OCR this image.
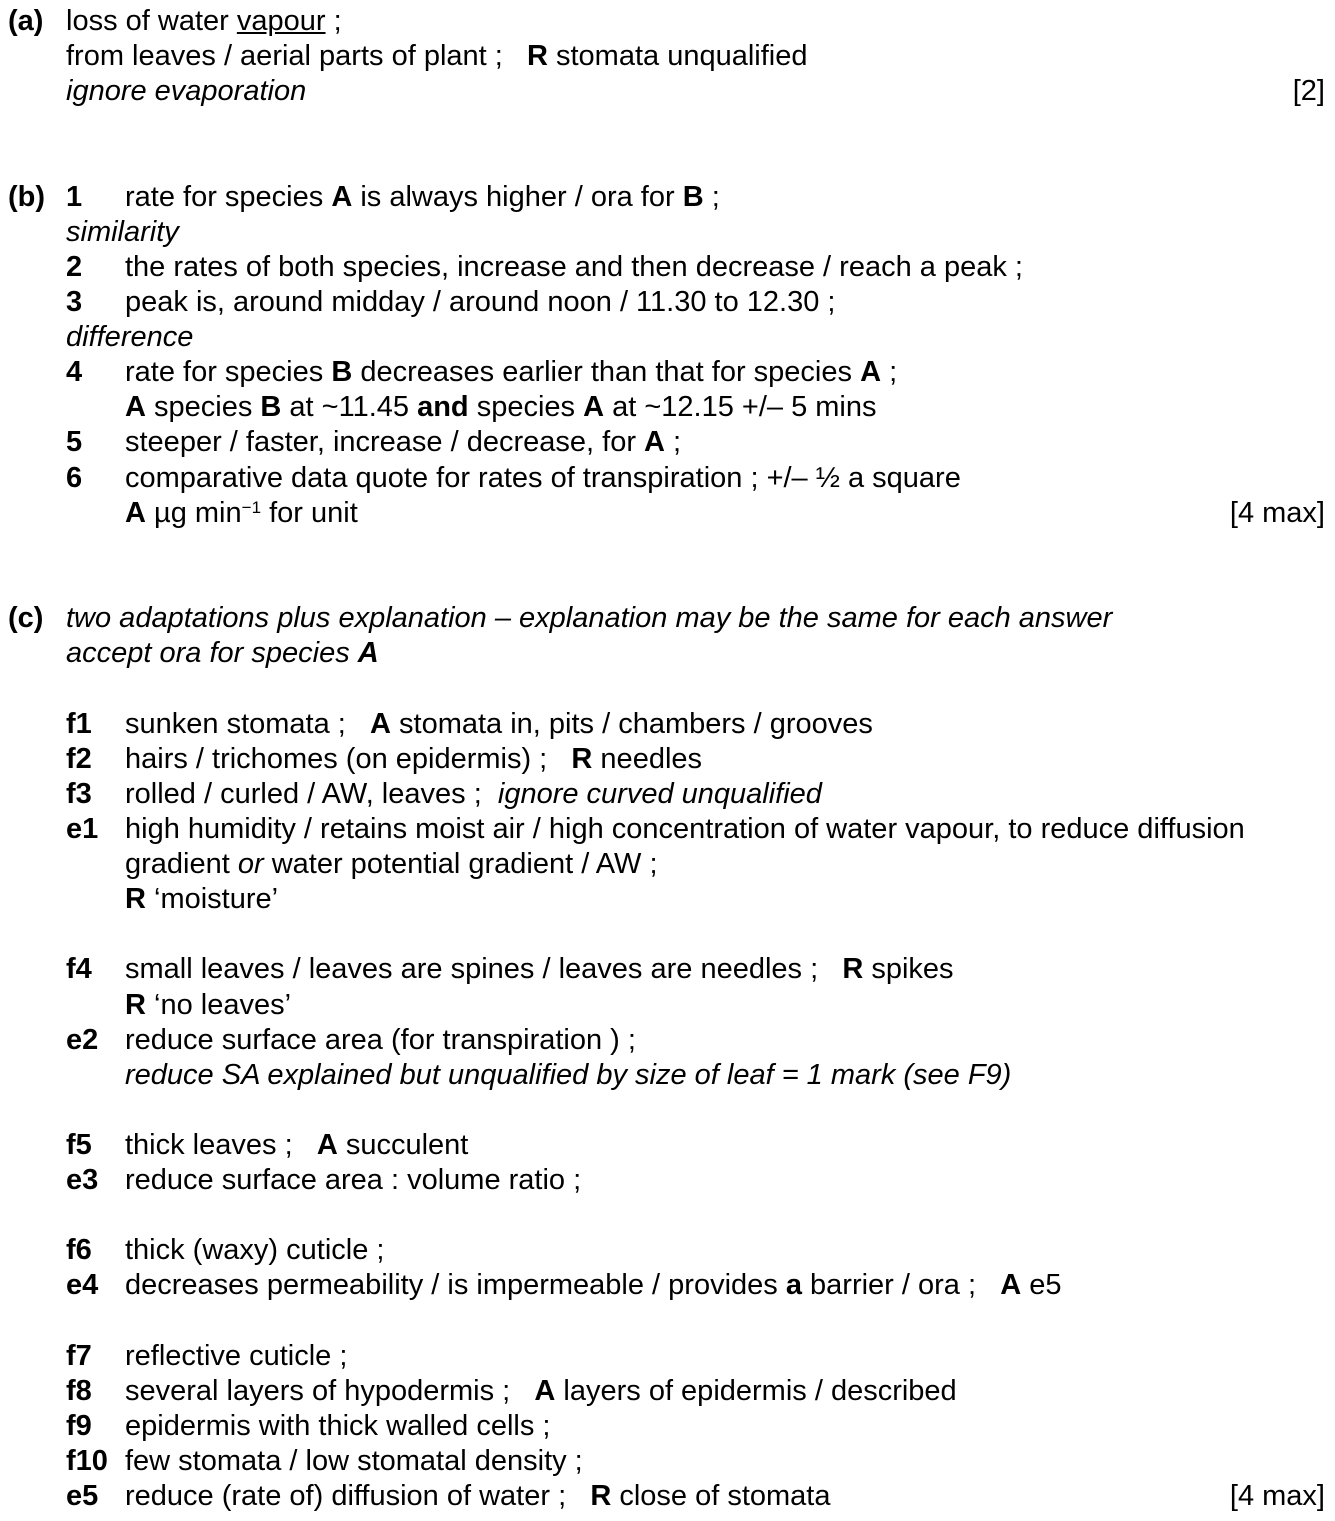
(a) loss of water vapour ;
from leaves / aerial parts of plant ;   R stomata unqualified
ignore evaporation	[2]
(b) 1 rate for species A is always higher / ora for B ;
similarity
2 the rates of both species, increase and then decrease / reach a peak ;
3 peak is, around midday / around noon / 11.30 to 12.30 ;
difference
4 rate for species B decreases earlier than that for species A ;
A species B at ~11.45 and species A at ~12.15 +/– 5 mins
5 steeper / faster, increase / decrease, for A ;
6 comparative data quote for rates of transpiration ; +/– ½ a square
A µg $\min^{-1}$ for unit	[4 max]
(c) two adaptations plus explanation – explanation may be the same for each answer
accept ora for species A
f1 sunken stomata ;   A stomata in, pits / chambers / grooves
f2 hairs / trichomes (on epidermis) ;   R needles
f3 rolled / curled / AW, leaves ;  ignore curved unqualified
e1 high humidity / retains moist air / high concentration of water vapour, to reduce diffusion
gradient or water potential gradient / AW ;
R ‘moisture’
f4 small leaves / leaves are spines / leaves are needles ;   R spikes
R ‘no leaves’
e2 reduce surface area (for transpiration ) ;
reduce SA explained but unqualified by size of leaf = 1 mark (see F9)
f5 thick leaves ;   A succulent
e3 reduce surface area : volume ratio ;
f6 thick (waxy) cuticle ;
e4 decreases permeability / is impermeable / provides a barrier / ora ;   A e5
f7 reflective cuticle ;
f8 several layers of hypodermis ;   A layers of epidermis / described
f9 epidermis with thick walled cells ;
f10 few stomata / low stomatal density ;
e5 reduce (rate of) diffusion of water ;   R close of stomata	[4 max]
